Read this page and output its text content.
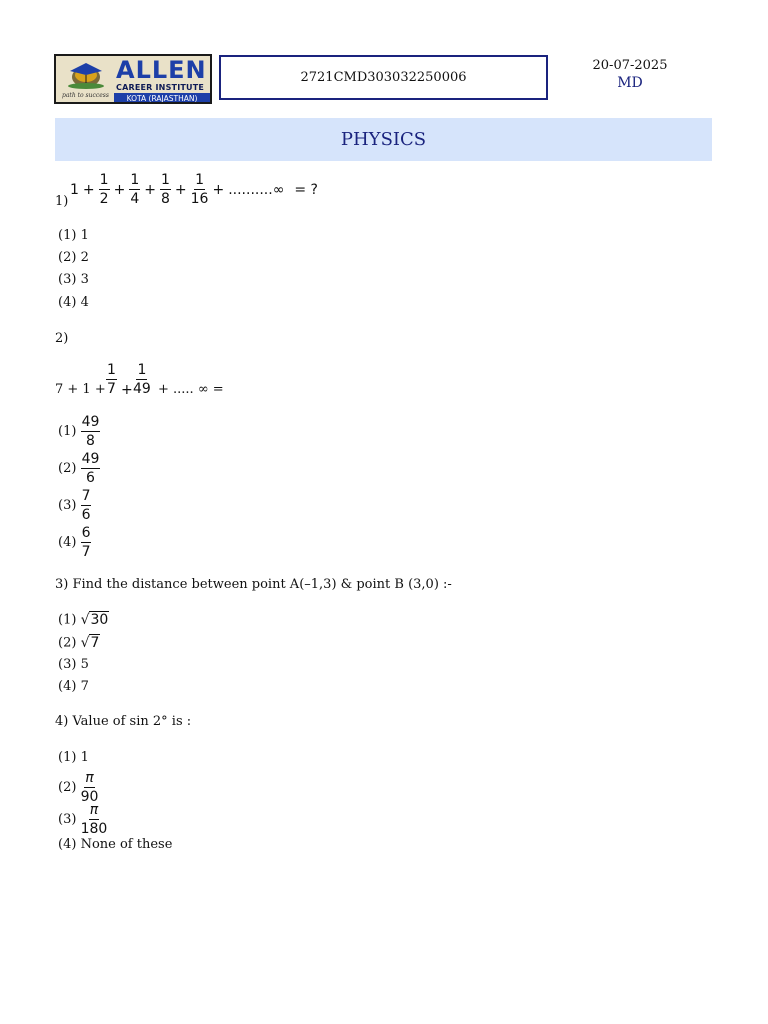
ALLEN
CAREER INSTITUTE
path to success	KOTA (RAJASTHAN)
2721CMD303032250006
20-07-2025
MD
PHYSICS
1)
$1 + \frac{1}{2} + \frac{1}{4} + \frac{1}{8} + \frac{1}{16}$ + ..........∞ = ?
(1) 1
(2) 2
(3) 3
(4) 4
2)
$7 + 1 + \frac{1}{7} + \frac{1}{49}$ + ..... ∞ =
$(1) \frac{49}{8}$
$(2) \frac{49}{6}$
$(3) \frac{7}{6}$
$(4) \frac{6}{7}$
3) Find the distance between point A(–1,3) & point B (3,0) :-
(1) √30
(2) √7
(3) 5
(4) 7
4) Value of sin 2° is :
(1) 1
$(2) \frac{\pi}{90}$
$(3) \frac{\pi}{180}$
(4) None of these
